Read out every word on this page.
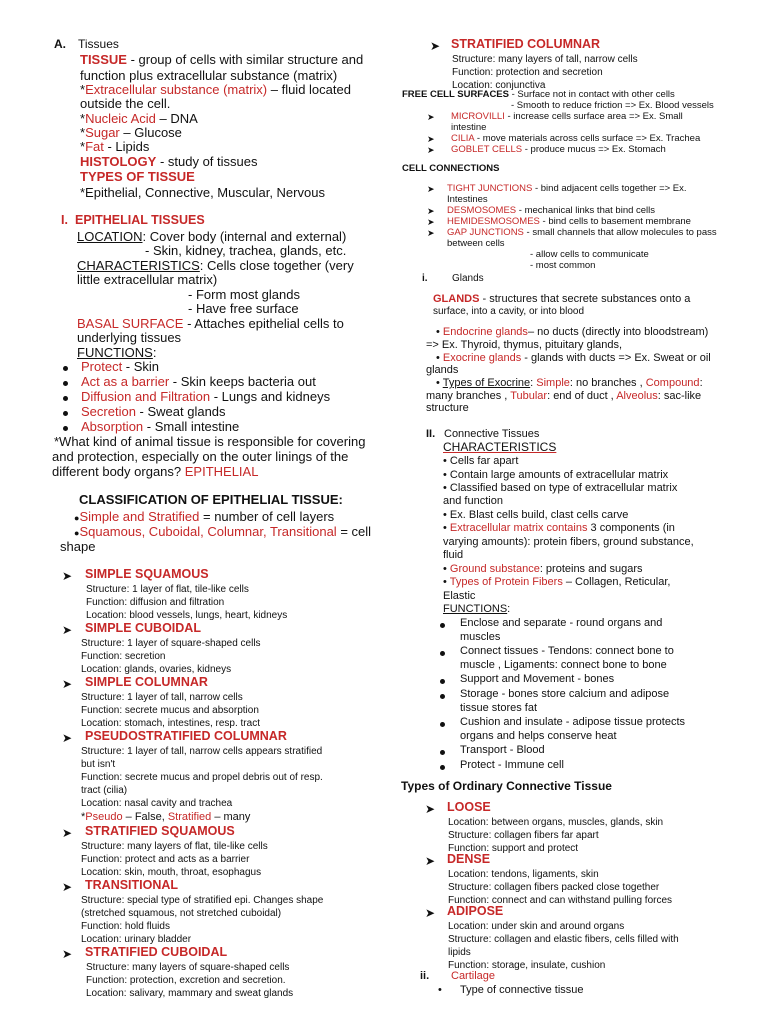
A. Tissues
TISSUE - group of cells with similar structure and
function plus extracellular substance (matrix)
*Extracellular substance (matrix) – fluid located
outside the cell.
*Nucleic Acid – DNA
*Sugar – Glucose
*Fat - Lipids
HISTOLOGY - study of tissues
TYPES OF TISSUE
*Epithelial, Connective, Muscular, Nervous
I. EPITHELIAL TISSUES
LOCATION: Cover body (internal and external)
- Skin, kidney, trachea, glands, etc.
CHARACTERISTICS: Cells close together (very
little extracellular matrix)
- Form most glands
- Have free surface
BASAL SURFACE - Attaches epithelial cells to
underlying tissues
FUNCTIONS:
Protect - Skin
Act as a barrier - Skin keeps bacteria out
Diffusion and Filtration - Lungs and kidneys
Secretion - Sweat glands
Absorption - Small intestine
*What kind of animal tissue is responsible for covering
and protection, especially on the outer linings of the
different body organs? EPITHELIAL
CLASSIFICATION OF EPITHELIAL TISSUE:
●Simple and Stratified = number of cell layers
●Squamous, Cuboidal, Columnar, Transitional = cell
shape
➤ SIMPLE SQUAMOUS
Structure: 1 layer of flat, tile-like cells
Function: diffusion and filtration
Location: blood vessels, lungs, heart, kidneys
➤ SIMPLE CUBOIDAL
Structure: 1 layer of square-shaped cells
Function: secretion
Location: glands, ovaries, kidneys
➤ SIMPLE COLUMNAR
Structure: 1 layer of tall, narrow cells
Function: secrete mucus and absorption
Location: stomach, intestines, resp. tract
➤ PSEUDOSTRATIFIED COLUMNAR
Structure: 1 layer of tall, narrow cells appears stratified
but isn't
Function: secrete mucus and propel debris out of resp.
tract (cilia)
Location: nasal cavity and trachea
*Pseudo – False, Stratified – many
➤ STRATIFIED SQUAMOUS
Structure: many layers of flat, tile-like cells
Function: protect and acts as a barrier
Location: skin, mouth, throat, esophagus
➤ TRANSITIONAL
Structure: special type of stratified epi. Changes shape
(stretched squamous, not stretched cuboidal)
Function: hold fluids
Location: urinary bladder
➤ STRATIFIED CUBOIDAL
Structure: many layers of square-shaped cells
Function: protection, excretion and secretion.
Location: salivary, mammary and sweat glands
➤ STRATIFIED COLUMNAR
Structure: many layers of tall, narrow cells
Function: protection and secretion
Location: conjunctiva
FREE CELL SURFACES - Surface not in contact with other cells
- Smooth to reduce friction => Ex. Blood vessels
➤ MICROVILLI - increase cells surface area => Ex. Small
intestine
➤ CILIA - move materials across cells surface => Ex. Trachea
➤ GOBLET CELLS - produce mucus => Ex. Stomach
CELL CONNECTIONS
➤ TIGHT JUNCTIONS - bind adjacent cells together => Ex.
Intestines
➤ DESMOSOMES - mechanical links that bind cells
➤ HEMIDESMOSOMES - bind cells to basement membrane
➤ GAP JUNCTIONS - small channels that allow molecules to pass
between cells
- allow cells to communicate
- most common
i. Glands
GLANDS - structures that secrete substances onto a
surface, into a cavity, or into blood
• Endocrine glands– no ducts (directly into bloodstream)
=> Ex. Thyroid, thymus, pituitary glands,
• Exocrine glands - glands with ducts => Ex. Sweat or oil
glands
• Types of Exocrine: Simple: no branches , Compound:
many branches , Tubular: end of duct , Alveolus: sac-like
structure
II. Connective Tissues
CHARACTERISTICS
• Cells far apart
• Contain large amounts of extracellular matrix
• Classified based on type of extracellular matrix
and function
• Ex. Blast cells build, clast cells carve
• Extracellular matrix contains 3 components (in
varying amounts): protein fibers, ground substance,
fluid
• Ground substance: proteins and sugars
• Types of Protein Fibers – Collagen, Reticular,
Elastic
FUNCTIONS:
Enclose and separate - round organs and
muscles
Connect tissues - Tendons: connect bone to
muscle , Ligaments: connect bone to bone
Support and Movement - bones
Storage - bones store calcium and adipose
tissue stores fat
Cushion and insulate - adipose tissue protects
organs and helps conserve heat
Transport - Blood
Protect - Immune cell
Types of Ordinary Connective Tissue
➤ LOOSE
Location: between organs, muscles, glands, skin
Structure: collagen fibers far apart
Function: support and protect
➤ DENSE
Location: tendons, ligaments, skin
Structure: collagen fibers packed close together
Function: connect and can withstand pulling forces
➤ ADIPOSE
Location: under skin and around organs
Structure: collagen and elastic fibers, cells filled with
lipids
Function: storage, insulate, cushion
ii. Cartilage
• Type of connective tissue
